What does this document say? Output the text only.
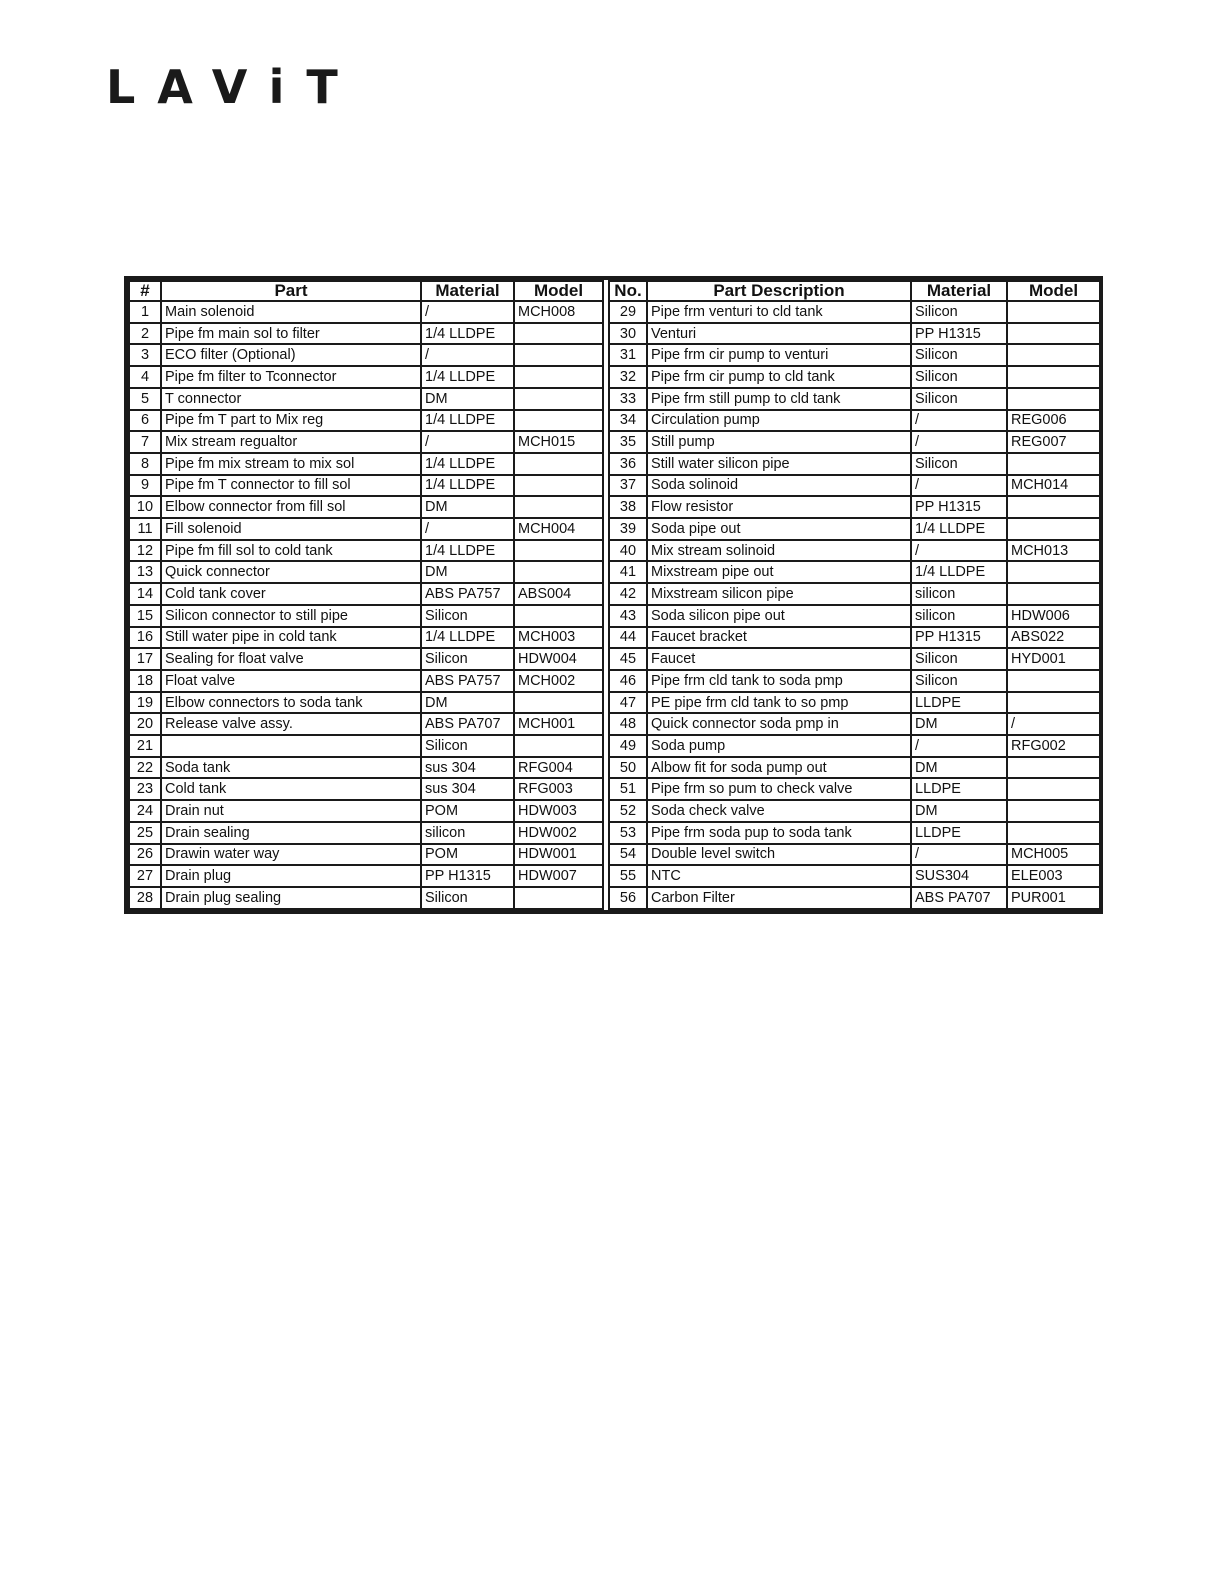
LAViT
#	Part	Material	Model		No.	Part Description	Material	Model
1	Main solenoid	/	MCH008		29	Pipe frm venturi to cld tank	Silicon	
2	Pipe fm main sol to filter	1/4 LLDPE			30	Venturi	PP H1315	
3	ECO filter (Optional)	/			31	Pipe frm cir pump to venturi	Silicon	
4	Pipe fm filter to Tconnector	1/4 LLDPE			32	Pipe frm cir pump to cld tank	Silicon	
5	T connector	DM			33	Pipe frm still pump to cld tank	Silicon	
6	Pipe fm T part to Mix reg	1/4 LLDPE			34	Circulation pump	/	REG006
7	Mix stream regualtor	/	MCH015		35	Still pump	/	REG007
8	Pipe fm mix stream to mix sol	1/4 LLDPE			36	Still water silicon pipe	Silicon	
9	Pipe fm T connector to fill sol	1/4 LLDPE			37	Soda solinoid	/	MCH014
10	Elbow connector from fill sol	DM			38	Flow resistor	PP H1315	
11	Fill solenoid	/	MCH004		39	Soda pipe out	1/4 LLDPE	
12	Pipe fm fill sol to cold tank	1/4 LLDPE			40	Mix stream solinoid	/	MCH013
13	Quick connector	DM			41	Mixstream pipe out	1/4 LLDPE	
14	Cold tank cover	ABS PA757	ABS004		42	Mixstream silicon pipe	silicon	
15	Silicon connector to still pipe	Silicon			43	Soda silicon pipe out	silicon	HDW006
16	Still water pipe in cold tank	1/4 LLDPE	MCH003		44	Faucet bracket	PP H1315	ABS022
17	Sealing for float valve	Silicon	HDW004		45	Faucet	Silicon	HYD001
18	Float valve	ABS PA757	MCH002		46	Pipe frm cld tank to soda pmp	Silicon	
19	Elbow connectors to soda tank	DM			47	PE pipe frm cld tank to so pmp	LLDPE	
20	Release valve assy.	ABS PA707	MCH001		48	Quick connector soda pmp in	DM	/
21		Silicon			49	Soda pump	/	RFG002
22	Soda tank	sus 304	RFG004		50	Albow fit for soda pump out	DM	
23	Cold tank	sus 304	RFG003		51	Pipe frm so pum to check valve	LLDPE	
24	Drain nut	POM	HDW003		52	Soda check valve	DM	
25	Drain sealing	silicon	HDW002		53	Pipe frm soda pup to soda tank	LLDPE	
26	Drawin water way	POM	HDW001		54	Double level switch	/	MCH005
27	Drain plug	PP H1315	HDW007		55	NTC	SUS304	ELE003
28	Drain plug sealing	Silicon			56	Carbon Filter	ABS PA707	PUR001
